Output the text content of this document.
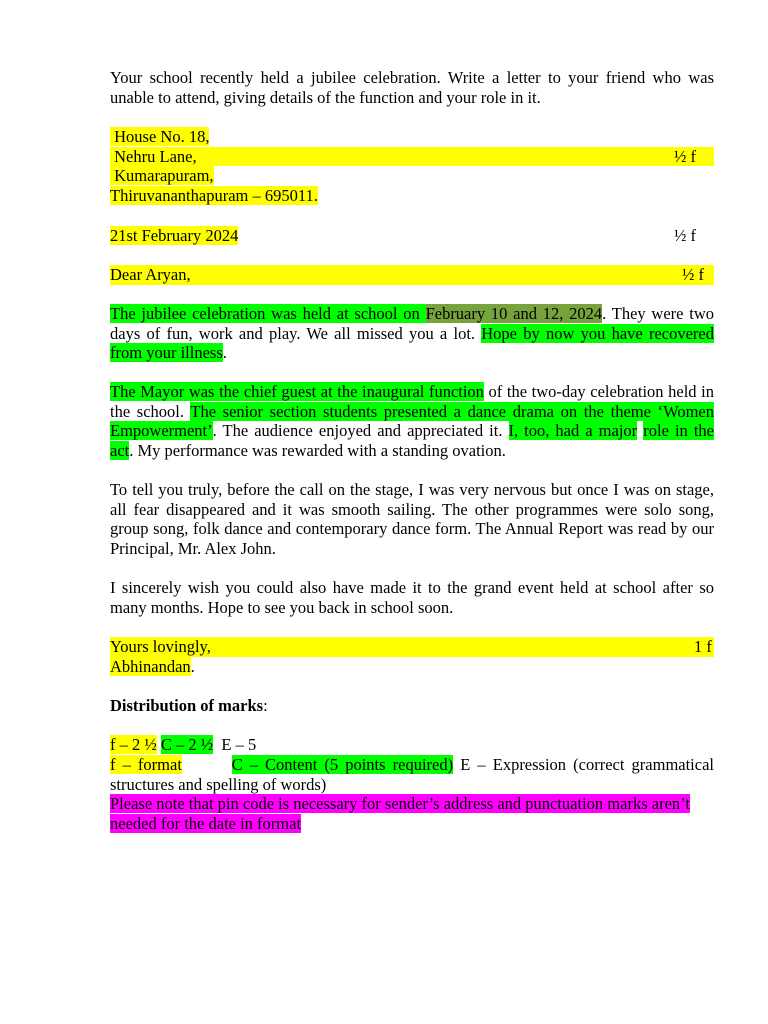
Your school recently held a jubilee celebration. Write a letter to your friend who was unable to attend, giving details of the function and your role in it.
House No. 18,
Nehru Lane,	½ f
Kumarapuram,
Thiruvananthapuram – 695011.
21st February 2024	½ f
Dear Aryan,	½ f
The jubilee celebration was held at school on February 10 and 12, 2024. They were two days of fun, work and play. We all missed you a lot. Hope by now you have recovered from your illness.
The Mayor was the chief guest at the inaugural function of the two-day celebration held in the school. The senior section students presented a dance drama on the theme ‘Women Empowerment’. The audience enjoyed and appreciated it. I, too, had a major role in the act. My performance was rewarded with a standing ovation.
To tell you truly, before the call on the stage, I was very nervous but once I was on stage, all fear disappeared and it was smooth sailing. The other programmes were solo song, group song, folk dance and contemporary dance form. The Annual Report was read by our Principal, Mr. Alex John.
I sincerely wish you could also have made it to the grand event held at school after so many months. Hope to see you back in school soon.
Yours lovingly,	1 f
Abhinandan.
Distribution of marks:
f – 2 ½ C – 2 ½ E – 5
f – format	C – Content (5 points required) E – Expression (correct grammatical structures and spelling of words)
Please note that pin code is necessary for sender’s address and punctuation marks aren’t needed for the date in format
